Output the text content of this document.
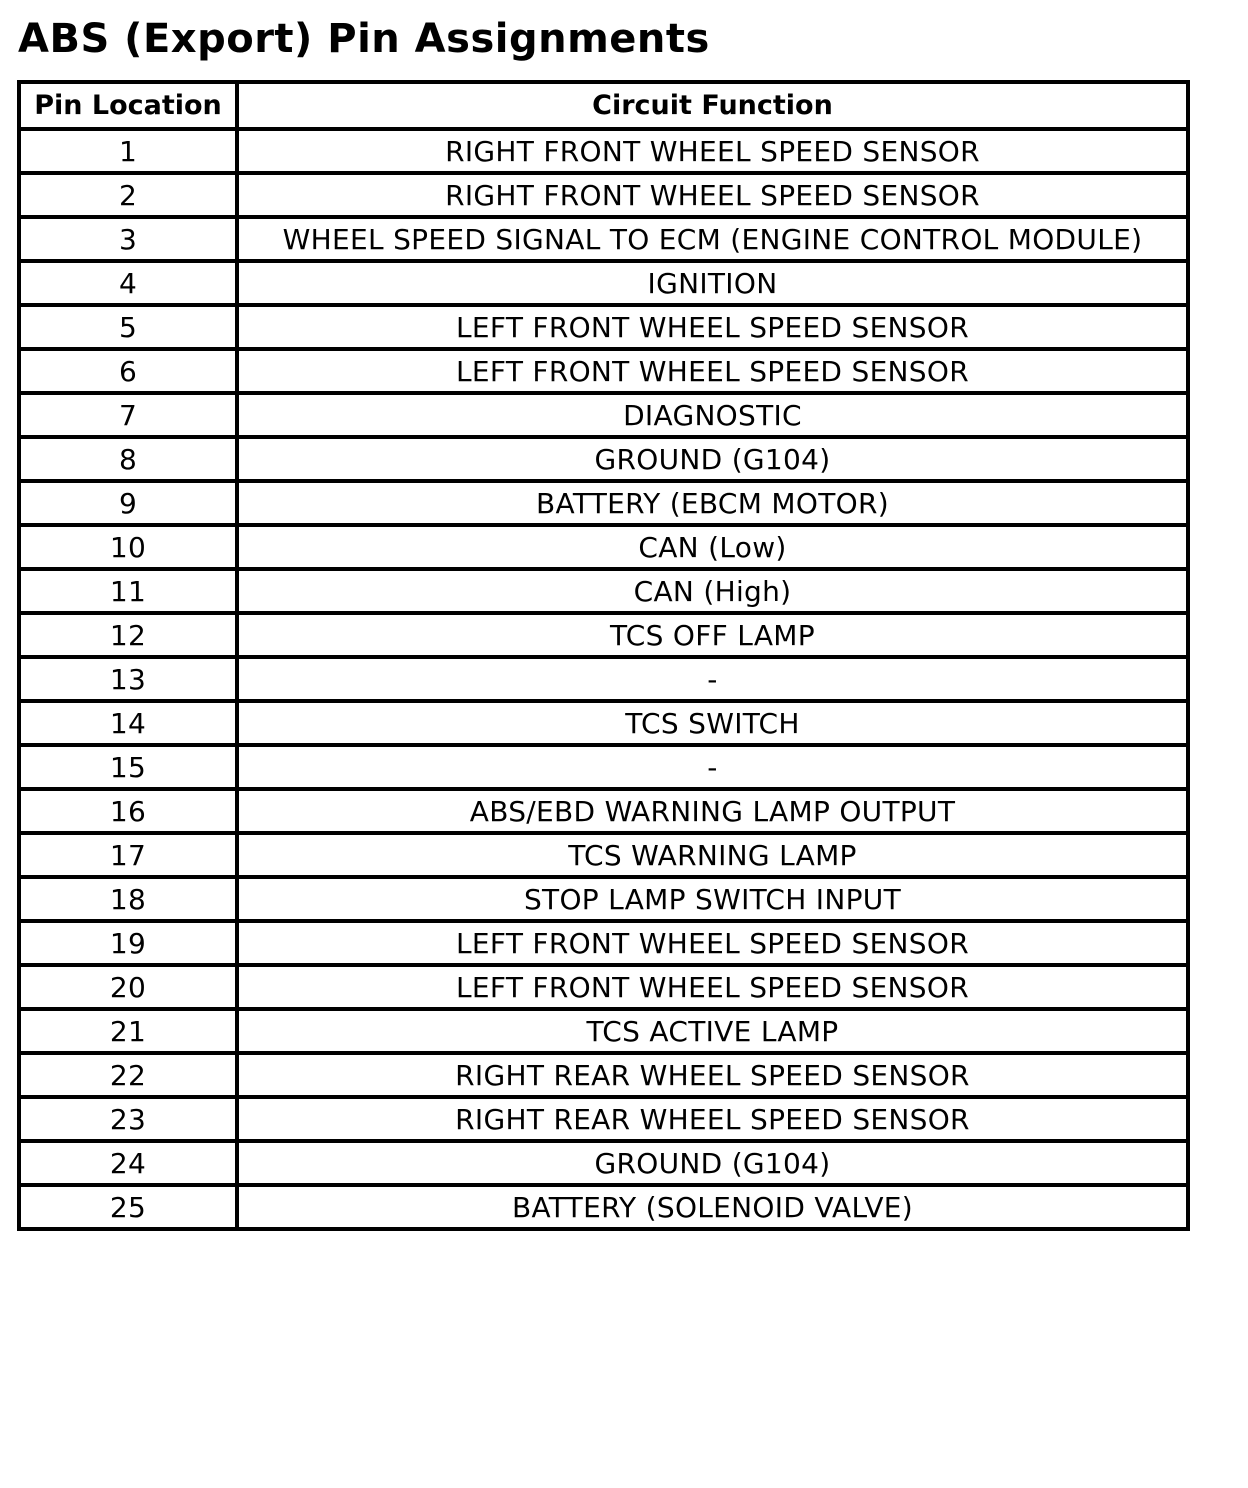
ABS (Export) Pin Assignments
Pin Location	Circuit Function
1	RIGHT FRONT WHEEL SPEED SENSOR
2	RIGHT FRONT WHEEL SPEED SENSOR
3	WHEEL SPEED SIGNAL TO ECM (ENGINE CONTROL MODULE)
4	IGNITION
5	LEFT FRONT WHEEL SPEED SENSOR
6	LEFT FRONT WHEEL SPEED SENSOR
7	DIAGNOSTIC
8	GROUND (G104)
9	BATTERY (EBCM MOTOR)
10	CAN (Low)
11	CAN (High)
12	TCS OFF LAMP
13	-
14	TCS SWITCH
15	-
16	ABS/EBD WARNING LAMP OUTPUT
17	TCS WARNING LAMP
18	STOP LAMP SWITCH INPUT
19	LEFT FRONT WHEEL SPEED SENSOR
20	LEFT FRONT WHEEL SPEED SENSOR
21	TCS ACTIVE LAMP
22	RIGHT REAR WHEEL SPEED SENSOR
23	RIGHT REAR WHEEL SPEED SENSOR
24	GROUND (G104)
25	BATTERY (SOLENOID VALVE)
